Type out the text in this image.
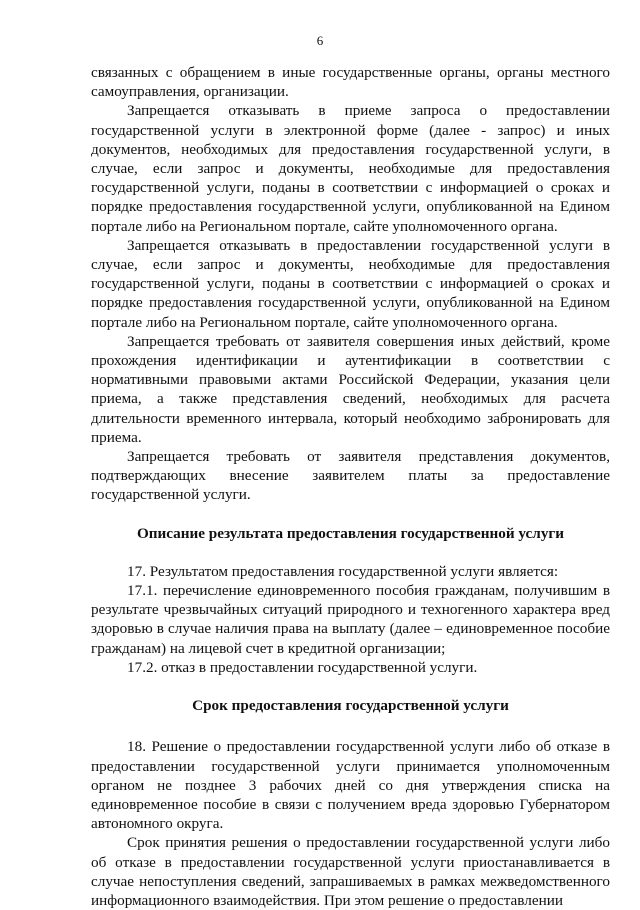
6

связанных с обращением в иные государственные органы, органы местного самоуправления, организации.

Запрещается отказывать в приеме запроса о предоставлении государственной услуги в электронной форме (далее - запрос) и иных документов, необходимых для предоставления государственной услуги, в случае, если запрос и документы, необходимые для предоставления государственной услуги, поданы в соответствии с информацией о сроках и порядке предоставления государственной услуги, опубликованной на Едином портале либо на Региональном портале, сайте уполномоченного органа.

Запрещается отказывать в предоставлении государственной услуги в случае, если запрос и документы, необходимые для предоставления государственной услуги, поданы в соответствии с информацией о сроках и порядке предоставления государственной услуги, опубликованной на Едином портале либо на Региональном портале, сайте уполномоченного органа.

Запрещается требовать от заявителя совершения иных действий, кроме прохождения идентификации и аутентификации в соответствии с нормативными правовыми актами Российской Федерации, указания цели приема, а также представления сведений, необходимых для расчета длительности временного интервала, который необходимо забронировать для приема.

Запрещается требовать от заявителя представления документов, подтверждающих внесение заявителем платы за предоставление государственной услуги.

Описание результата предоставления государственной услуги

17. Результатом предоставления государственной услуги является:

17.1. перечисление единовременного пособия гражданам, получившим в результате чрезвычайных ситуаций природного и техногенного характера вред здоровью в случае наличия права на выплату (далее – единовременное пособие гражданам) на лицевой счет в кредитной организации;

17.2. отказ в предоставлении государственной услуги.

Срок предоставления государственной услуги

18. Решение о предоставлении государственной услуги либо об отказе в предоставлении государственной услуги принимается уполномоченным органом не позднее 3 рабочих дней со дня утверждения списка на единовременное пособие в связи с получением вреда здоровью Губернатором автономного округа.

Срок принятия решения о предоставлении государственной услуги либо об отказе в предоставлении государственной услуги приостанавливается в случае непоступления сведений, запрашиваемых в рамках межведомственного информационного взаимодействия. При этом решение о предоставлении
